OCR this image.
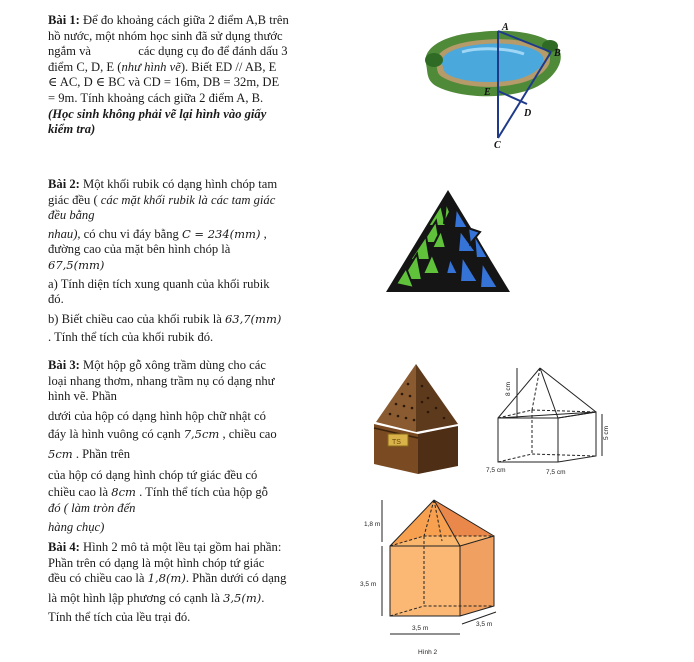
Bài 1: Để đo khoảng cách giữa 2 điểm A,B trên
hồ nước, một nhóm học sinh đã sử dụng thước
ngắm và               các dụng cụ đo để đánh dấu 3
điểm C, D, E (như hình vẽ). Biết ED // AB, E
∈ AC, D ∈ BC và CD = 16m, DB = 32m, DE
= 9m. Tính khoảng cách giữa 2 điểm A, B.
(Học sinh không phải vẽ lại hình vào giấy
kiểm tra)
Bài 2: Một khối rubik có dạng hình chóp tam
giác đều ( các mặt khối rubik là các tam giác
đều bằng
nhau), có chu vi đáy bằng C = 234(mm) ,
đường cao của mặt bên hình chóp là
67,5(mm)
a) Tính diện tích xung quanh của khối rubik
đó.
b) Biết chiều cao của khối rubik là 63,7(mm)
. Tính thể tích của khối rubik đó.
Bài 3: Một hộp gỗ xông trầm dùng cho các
loại nhang thơm, nhang trầm nụ có dạng như
hình vẽ. Phần
dưới của hộp có dạng hình hộp chữ nhật có
đáy là hình vuông có cạnh 7,5cm , chiều cao
5cm . Phần trên
của hộp có dạng hình chóp tứ giác đều có
chiều cao là 8cm . Tính thể tích của hộp gỗ
đó ( làm tròn đến
hàng chục)
Bài 4: Hình 2 mô tả một lều tại gồm hai phần:
Phần trên có dạng là một hình chóp tứ giác
đều có chiều cao là 1,8(m). Phần dưới có dạng
là một hình lập phương có cạnh là 3,5(m).
Tính thể tích của lều trại đó.
A
B
E
D
C
TS
8 cm
5 cm
7,5 cm	7,5 cm
1,8 m
3,5 m
3,5 m
3,5 m
Hình 2
